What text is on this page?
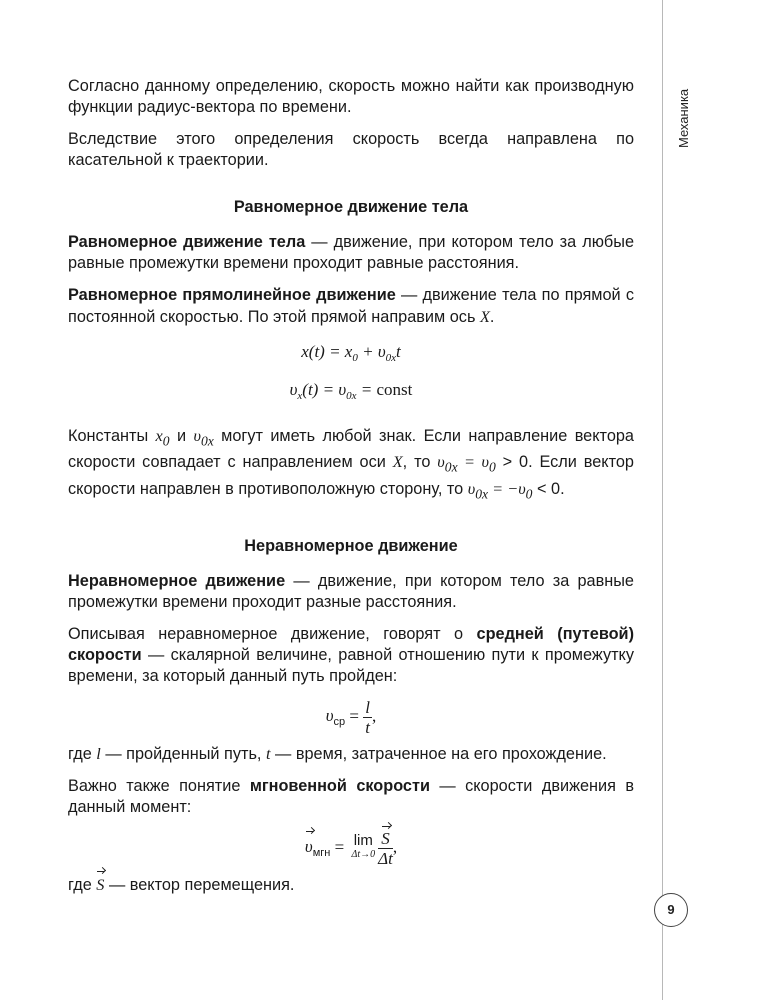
Механика
9

Согласно данному определению, скорость можно найти как производную функции радиус-вектора по времени.

Вследствие этого определения скорость всегда направлена по касательной к траектории.

Равномерное движение тела

Равномерное движение тела — движение, при котором тело за любые равные промежутки времени проходит равные расстояния.

Равномерное прямолинейное движение — движение тела по прямой с постоянной скоростью. По этой прямой направим ось X.

$x(t) = x_0 + \upsilon_{0x}t$
$\upsilon_x(t) = \upsilon_{0x}$ = const

Константы $x_0$ и $\upsilon_{0x}$ могут иметь любой знак. Если направление вектора скорости совпадает с направлением оси X, то $\upsilon_{0x} = \upsilon_0 > 0$. Если вектор скорости направлен в противоположную сторону, то $\upsilon_{0x} = -\upsilon_0 < 0$.

Неравномерное движение

Неравномерное движение — движение, при котором тело за равные промежутки времени проходит разные расстояния.

Описывая неравномерное движение, говорят о средней (путевой) скорости — скалярной величине, равной отношению пути к промежутку времени, за который данный путь пройден:

$\upsilon_{ср} = \frac{l}{t}$ ,

где l — пройденный путь, t — время, затраченное на его прохождение.

Важно также понятие мгновенной скорости — скорости движения в данный момент:

$\upsilon_{мгн} = \lim$
$\Delta t\to 0 \frac{S}{\Delta t}$ ,

где S — вектор перемещения.
